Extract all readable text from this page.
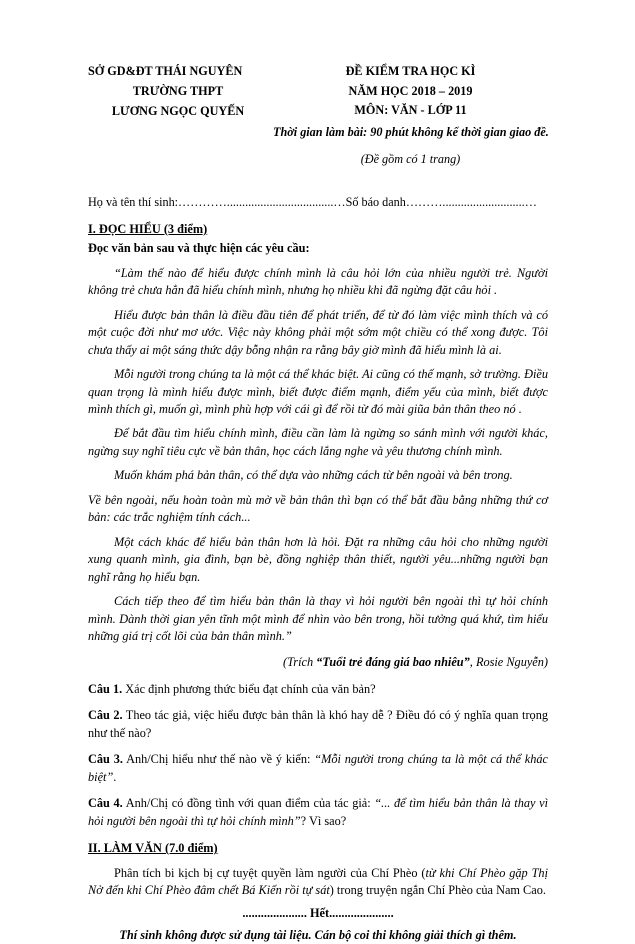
SỞ GD&ĐT THÁI NGUYÊN
TRƯỜNG THPT
LƯƠNG NGỌC QUYẾN
ĐỀ KIỂM TRA HỌC KÌ
NĂM HỌC 2018 – 2019
MÔN: VĂN - LỚP 11
Thời gian làm bài: 90 phút không kể thời gian giao đề.
(Đề gồm có 1 trang)
Họ và tên thí sinh:…………...................................…Số báo danh………...........................…
I. ĐỌC HIỂU (3 điểm)
Đọc văn bản sau và thực hiện các yêu cầu:

“Làm thế nào để hiểu được chính mình là câu hỏi lớn của nhiều người trẻ. Người không trẻ chưa hẳn đã hiểu chính mình, nhưng họ nhiều khi đã ngừng đặt câu hỏi .

Hiểu được bản thân là điều đầu tiên để phát triển, để từ đó làm việc mình thích và có một cuộc đời như mơ ước. Việc này không phải một sớm một chiều có thể xong được. Tôi chưa thấy ai một sáng thức dậy bỗng nhận ra rằng bây giờ mình đã hiểu mình là ai.

Mỗi người trong chúng ta là một cá thể khác biệt. Ai cũng có thế mạnh, sở trường. Điều quan trọng là mình hiểu được mình, biết được điểm mạnh, điểm yếu của mình, biết được mình thích gì, muốn gì, mình phù hợp với cái gì để rồi từ đó mài giũa bản thân theo nó .

Để bắt đầu tìm hiểu chính mình, điều cần làm là ngừng so sánh mình với người khác, ngừng suy nghĩ tiêu cực về bản thân, học cách lắng nghe và yêu thương chính mình.

Muốn khám phá bản thân, có thể dựa vào những cách từ bên ngoài và bên trong.

Về bên ngoài, nếu hoàn toàn mù mờ về bản thân thì bạn có thể bắt đầu bằng những thứ cơ bản: các trắc nghiệm tính cách...

Một cách khác để hiểu bản thân hơn là hỏi. Đặt ra những câu hỏi cho những người xung quanh mình, gia đình, bạn bè, đồng nghiệp thân thiết, người yêu...những người bạn nghĩ rằng họ hiểu bạn.

Cách tiếp theo để tìm hiểu bản thân là thay vì hỏi người bên ngoài thì tự hỏi chính mình. Dành thời gian yên tĩnh một mình để nhìn vào bên trong, hồi tưởng quá khứ, tìm hiểu những giá trị cốt lõi của bản thân mình.”

(Trích “Tuổi trẻ đáng giá bao nhiêu”, Rosie Nguyễn)

Câu 1. Xác định phương thức biểu đạt chính của văn bản?

Câu 2. Theo tác giả, việc hiểu được bản thân là khó hay dễ ? Điều đó có ý nghĩa quan trọng như thế nào?

Câu 3. Anh/Chị hiểu như thế nào về ý kiến: “Mỗi người trong chúng ta là một cá thể khác biệt”.

Câu 4. Anh/Chị có đồng tình với quan điểm của tác giả: “... để tìm hiểu bản thân là thay vì hỏi người bên ngoài thì tự hỏi chính mình”? Vì sao?

II. LÀM VĂN (7.0 điểm)

Phân tích bi kịch bị cự tuyệt quyền làm người của Chí Phèo (từ khi Chí Phèo gặp Thị Nở đến khi Chí Phèo đâm chết Bá Kiến rồi tự sát) trong truyện ngắn Chí Phèo của Nam Cao.

..................... Hết.....................
Thí sinh không được sử dụng tài liệu. Cán bộ coi thi không giải thích gì thêm.
